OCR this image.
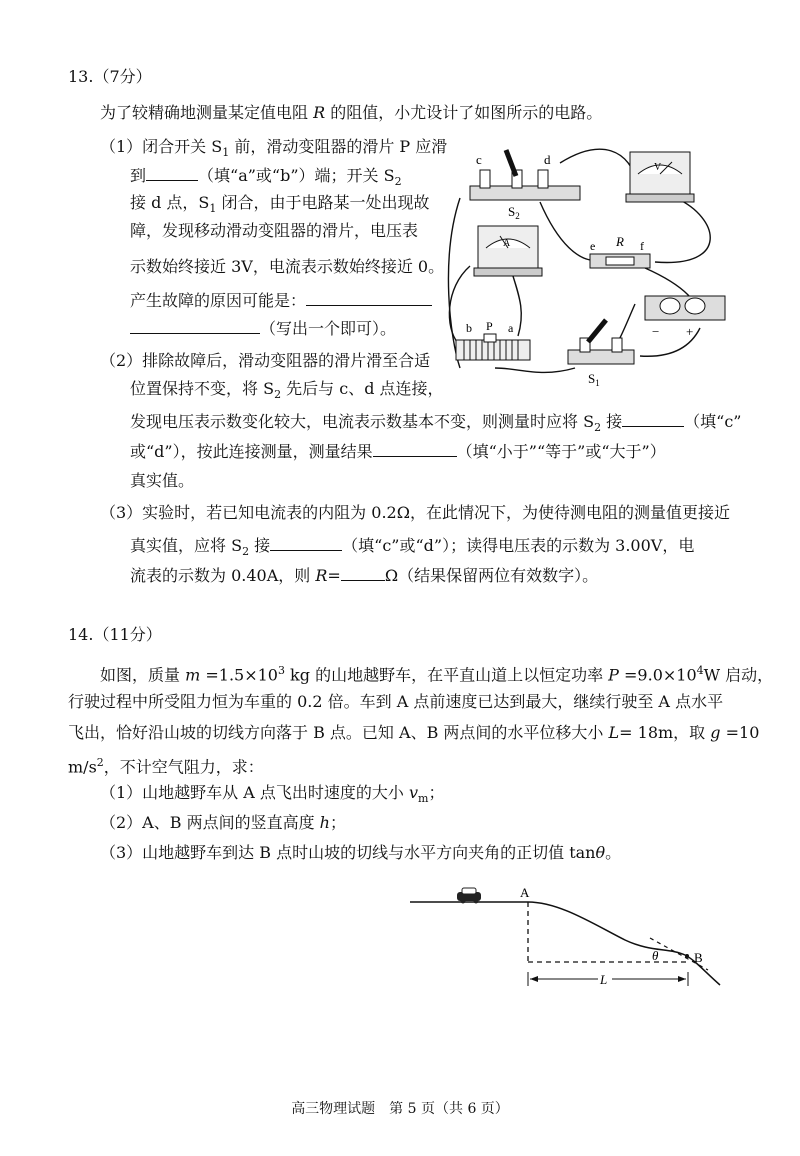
13.（7分）
为了较精确地测量某定值电阻 R 的阻值，小尤设计了如图所示的电路。
（1）闭合开关 $S_1$ 前，滑动变阻器的滑片 P 应滑
到	（填“a”或“b”）端；开关 $S_2$
接 d 点，$S_1$ 闭合，由于电路某一处出现故
障，发现移动滑动变阻器的滑片，电压表
示数始终接近 3V，电流表示数始终接近 0。
产生故障的原因可能是：
（写出一个即可）。
（2）排除故障后，滑动变阻器的滑片滑至合适
位置保持不变，将 $S_2$ 先后与 c、d 点连接，
发现电压表示数变化较大，电流表示数基本不变，则测量时应将 $S_2$ 接	（填“c”
或“d”），按此连接测量，测量结果	（填“小于”“等于”或“大于”）
真实值。
（3）实验时，若已知电流表的内阻为 0.2Ω，在此情况下，为使待测电阻的测量值更接近
真实值，应将 $S_2$ 接	（填“c”或“d”）；读得电压表的示数为 3.00V，电
流表的示数为 0.40A，则 R=	Ω（结果保留两位有效数字）。
c	d
$S_2$
V
A	e R f
− +
b P a
$S_1$
14.（11分）
如图，质量 $m =1.5\times 10^3$ kg 的山地越野车，在平直山道上以恒定功率 $P =9.0\times 10^4W$ 启动，
行驶过程中所受阻力恒为车重的 0.2 倍。车到 A 点前速度已达到最大，继续行驶至 A 点水平
飞出，恰好沿山坡的切线方向落于 B 点。已知 A、B 两点间的水平位移大小 L= 18m，取 g =10
$m/s^2$，不计空气阻力，求：
（1）山地越野车从 A 点飞出时速度的大小 $v_m$；
（2）A、B 两点间的竖直高度 h；
（3）山地越野车到达 B 点时山坡的切线与水平方向夹角的正切值 tanθ。
A
θ	B
L
高三物理试题　第 5 页（共 6 页）
